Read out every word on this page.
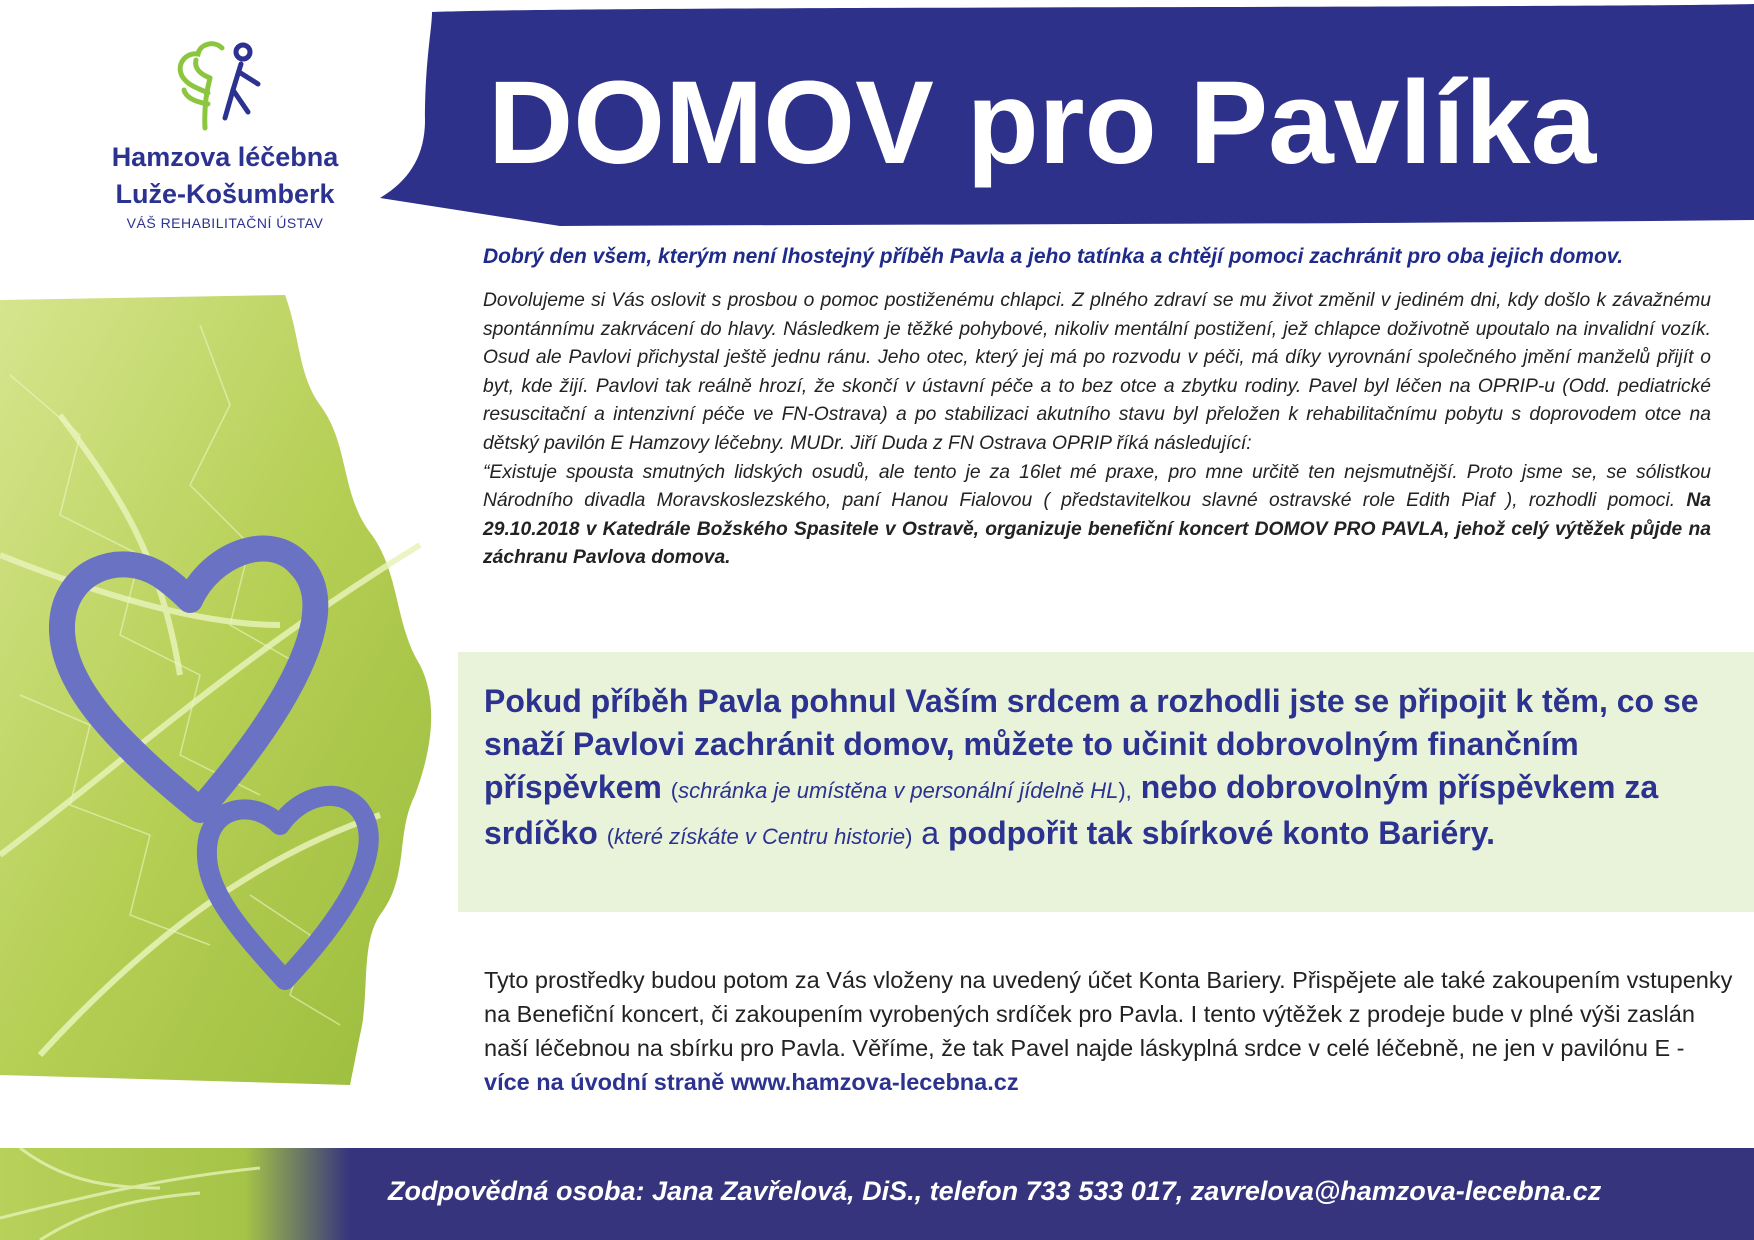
Hamzova léčebna
Luže-Košumberk
VÁŠ REHABILITAČNÍ ÚSTAV
DOMOV pro Pavlíka
Dobrý den všem, kterým není lhostejný příběh Pavla a jeho tatínka a chtějí pomoci zachránit pro oba jejich domov.
Dovolujeme si Vás oslovit s prosbou o pomoc postiženému chlapci. Z plného zdraví se mu život změnil v jediném dni, kdy došlo k závažnému spontánnímu zakrvácení do hlavy. Následkem je těžké pohybové, nikoliv mentální postižení, jež chlapce doživotně upoutalo na invalidní vozík. Osud ale Pavlovi přichystal ještě jednu ránu. Jeho otec, který jej má po rozvodu v péči, má díky vyrovnání společného jmění manželů přijít o byt, kde žijí. Pavlovi tak reálně hrozí, že skončí v ústavní péče a to bez otce a zbytku rodiny. Pavel byl léčen na OPRIP-u (Odd. pediatrické resuscitační a intenzivní péče ve FN-Ostrava) a po stabilizaci akutního stavu byl přeložen k rehabilitačnímu pobytu s doprovodem otce na dětský pavilón E Hamzovy léčebny. MUDr. Jiří Duda z FN Ostrava OPRIP říká následující:
“Existuje spousta smutných lidských osudů, ale tento je za 16let mé praxe, pro mne určitě ten nejsmutnější. Proto jsme se, se sólistkou Národního divadla Moravskoslezského, paní Hanou Fialovou ( představitelkou slavné ostravské role Edith Piaf ), rozhodli pomoci. Na 29.10.2018 v Katedrále Božského Spasitele v Ostravě, organizuje benefiční koncert DOMOV PRO PAVLA, jehož celý výtěžek půjde na záchranu Pavlova domova.
Pokud příběh Pavla pohnul Vaším srdcem a rozhodli jste se připojit k těm, co se snaží Pavlovi zachránit domov, můžete to učinit dobrovolným finančním příspěvkem (schránka je umístěna v personální jídelně HL), nebo dobrovolným příspěvkem za srdíčko (které získáte v Centru historie) a podpořit tak sbírkové konto Bariéry.
Tyto prostředky budou potom za Vás vloženy na uvedený účet Konta Bariery. Přispějete ale také zakoupením vstupenky na Benefiční koncert, či zakoupením vyrobených srdíček pro Pavla. I tento výtěžek z prodeje bude v plné výši zaslán naší léčebnou na sbírku pro Pavla. Věříme, že tak Pavel najde láskyplná srdce v celé léčebně, ne jen v pavilónu E - více na úvodní straně www.hamzova-lecebna.cz
Zodpovědná osoba: Jana Zavřelová, DiS., telefon 733 533 017, zavrelova@hamzova-lecebna.cz
